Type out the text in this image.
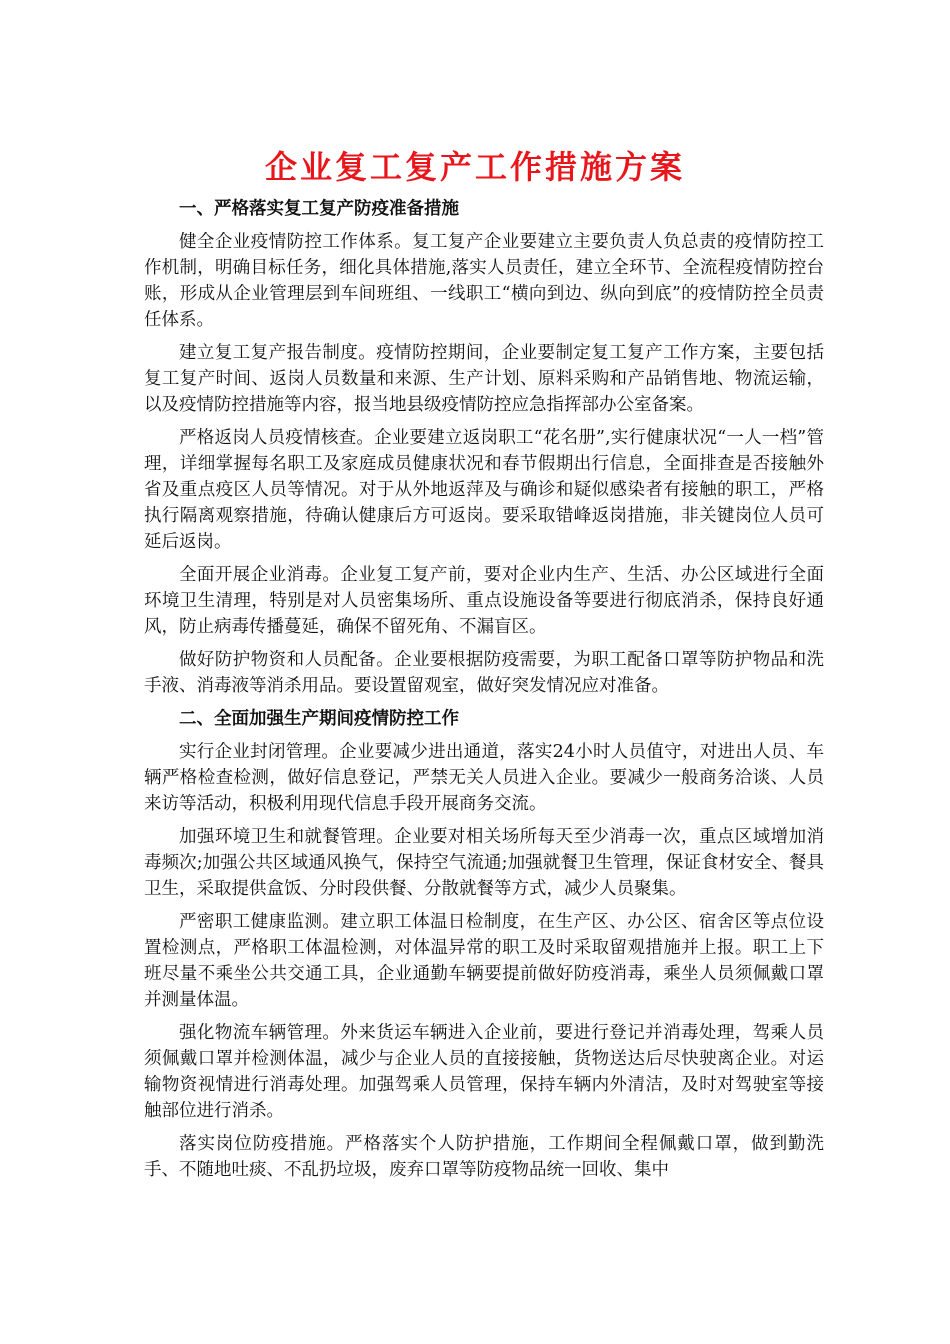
企业复工复产工作措施方案
一、严格落实复工复产防疫准备措施

健全企业疫情防控工作体系。复工复产企业要建立主要负责人负总责的疫情防控工作机制，明确目标任务，细化具体措施,落实人员责任，建立全环节、全流程疫情防控台账，形成从企业管理层到车间班组、一线职工“横向到边、纵向到底”的疫情防控全员责任体系。

建立复工复产报告制度。疫情防控期间，企业要制定复工复产工作方案，主要包括复工复产时间、返岗人员数量和来源、生产计划、原料采购和产品销售地、物流运输，以及疫情防控措施等内容，报当地县级疫情防控应急指挥部办公室备案。

严格返岗人员疫情核查。企业要建立返岗职工“花名册”,实行健康状况“一人一档”管理，详细掌握每名职工及家庭成员健康状况和春节假期出行信息，全面排查是否接触外省及重点疫区人员等情况。对于从外地返萍及与确诊和疑似感染者有接触的职工，严格执行隔离观察措施，待确认健康后方可返岗。要采取错峰返岗措施，非关键岗位人员可延后返岗。

全面开展企业消毒。企业复工复产前，要对企业内生产、生活、办公区域进行全面环境卫生清理，特别是对人员密集场所、重点设施设备等要进行彻底消杀，保持良好通风，防止病毒传播蔓延，确保不留死角、不漏盲区。

做好防护物资和人员配备。企业要根据防疫需要，为职工配备口罩等防护物品和洗手液、消毒液等消杀用品。要设置留观室，做好突发情况应对准备。

二、全面加强生产期间疫情防控工作

实行企业封闭管理。企业要减少进出通道，落实24小时人员值守，对进出人员、车辆严格检查检测，做好信息登记，严禁无关人员进入企业。要减少一般商务洽谈、人员来访等活动，积极利用现代信息手段开展商务交流。

加强环境卫生和就餐管理。企业要对相关场所每天至少消毒一次，重点区域增加消毒频次;加强公共区域通风换气，保持空气流通;加强就餐卫生管理，保证食材安全、餐具卫生，采取提供盒饭、分时段供餐、分散就餐等方式，减少人员聚集。

严密职工健康监测。建立职工体温日检制度，在生产区、办公区、宿舍区等点位设置检测点，严格职工体温检测，对体温异常的职工及时采取留观措施并上报。职工上下班尽量不乘坐公共交通工具，企业通勤车辆要提前做好防疫消毒，乘坐人员须佩戴口罩并测量体温。

强化物流车辆管理。外来货运车辆进入企业前，要进行登记并消毒处理，驾乘人员须佩戴口罩并检测体温，减少与企业人员的直接接触，货物送达后尽快驶离企业。对运输物资视情进行消毒处理。加强驾乘人员管理，保持车辆内外清洁，及时对驾驶室等接触部位进行消杀。

落实岗位防疫措施。严格落实个人防护措施，工作期间全程佩戴口罩，做到勤洗手、不随地吐痰、不乱扔垃圾，废弃口罩等防疫物品统一回收、集中
